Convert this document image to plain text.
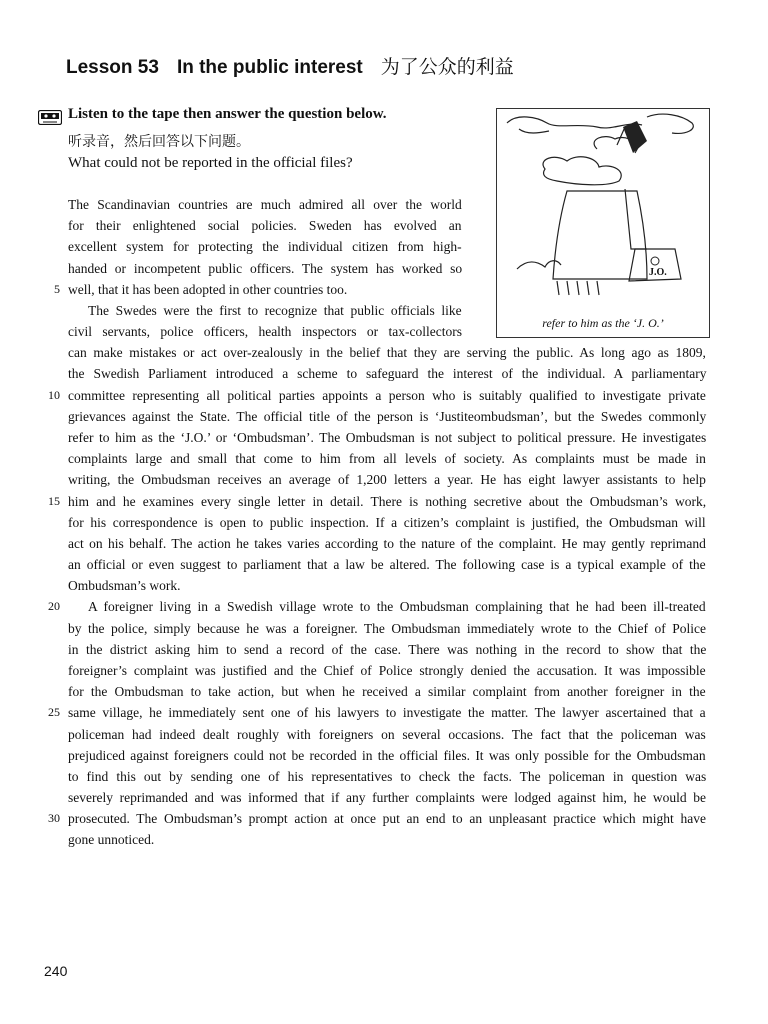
Lesson 53 In the public interest 为了公众的利益
Listen to the tape then answer the question below.
听录音，然后回答以下问题。
What could not be reported in the official files?
J.O.
refer to him as the ‘J. O.’
The Scandinavian countries are much admired all over the world
for their enlightened social policies. Sweden has evolved an
excellent system for protecting the individual citizen from high-
handed or incompetent public officers. The system has worked so
well, that it has been adopted in other countries too.
5
The Swedes were the first to recognize that public officials like
civil servants, police officers, health inspectors or tax-collectors
can make mistakes or act over-zealously in the belief that they are serving the public. As long ago as 1809,
the Swedish Parliament introduced a scheme to safeguard the interest of the individual. A parliamentary
committee representing all political parties appoints a person who is suitably qualified to investigate private
10
grievances against the State. The official title of the person is ‘Justiteombudsman’, but the Swedes commonly
refer to him as the ‘J.O.’ or ‘Ombudsman’. The Ombudsman is not subject to political pressure. He investigates
complaints large and small that come to him from all levels of society. As complaints must be made in
writing, the Ombudsman receives an average of 1,200 letters a year. He has eight lawyer assistants to help
him and he examines every single letter in detail. There is nothing secretive about the Ombudsman’s work,
15
for his correspondence is open to public inspection. If a citizen’s complaint is justified, the Ombudsman will
act on his behalf. The action he takes varies according to the nature of the complaint. He may gently reprimand
an official or even suggest to parliament that a law be altered. The following case is a typical example of the
Ombudsman’s work.
A foreigner living in a Swedish village wrote to the Ombudsman complaining that he had been ill-treated
20
by the police, simply because he was a foreigner. The Ombudsman immediately wrote to the Chief of Police
in the district asking him to send a record of the case. There was nothing in the record to show that the
foreigner’s complaint was justified and the Chief of Police strongly denied the accusation. It was impossible
for the Ombudsman to take action, but when he received a similar complaint from another foreigner in the
same village, he immediately sent one of his lawyers to investigate the matter. The lawyer ascertained that a
25
policeman had indeed dealt roughly with foreigners on several occasions. The fact that the policeman was
prejudiced against foreigners could not be recorded in the official files. It was only possible for the Ombudsman
to find this out by sending one of his representatives to check the facts. The policeman in question was
severely reprimanded and was informed that if any further complaints were lodged against him, he would be
prosecuted. The Ombudsman’s prompt action at once put an end to an unpleasant practice which might have
30
gone unnoticed.
240
